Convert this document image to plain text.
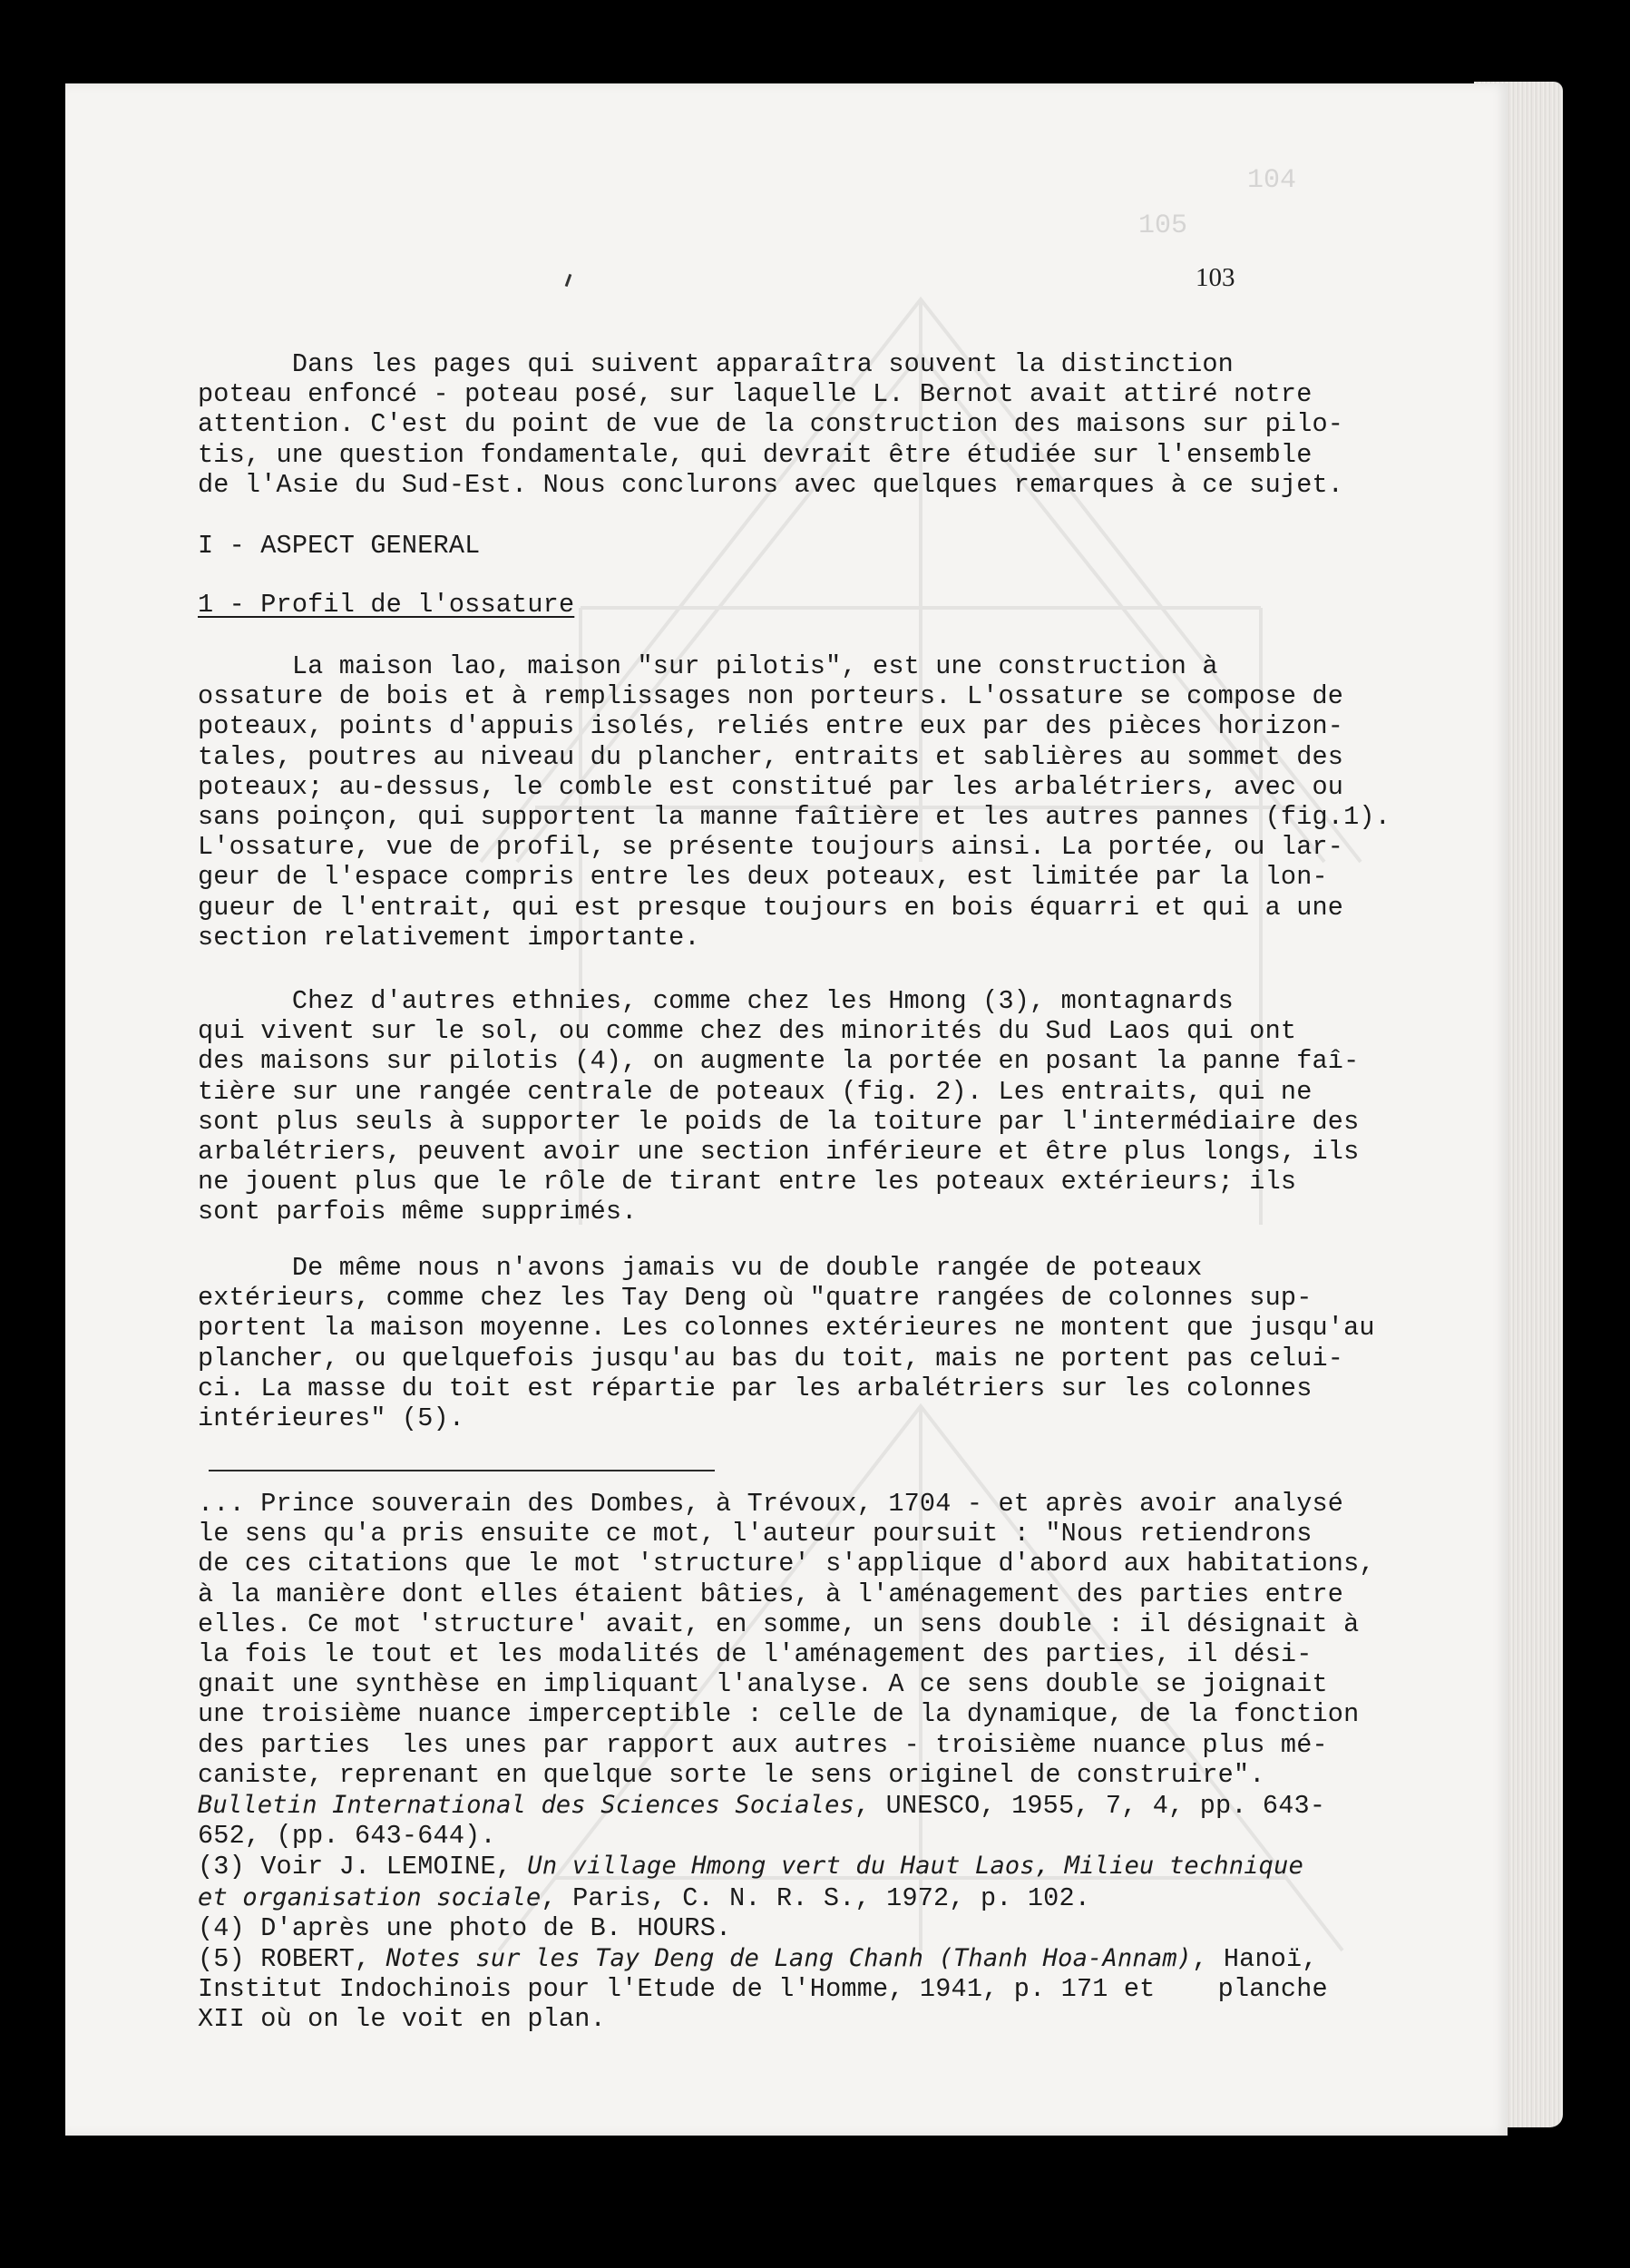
104
105
103
Dans les pages qui suivent apparaîtra souvent la distinction
poteau enfoncé - poteau posé, sur laquelle L. Bernot avait attiré notre
attention. C'est du point de vue de la construction des maisons sur pilo-
tis, une question fondamentale, qui devrait être étudiée sur l'ensemble
de l'Asie du Sud-Est. Nous conclurons avec quelques remarques à ce sujet.
I - ASPECT GENERAL
1 - Profil de l'ossature
La maison lao, maison "sur pilotis", est une construction à
ossature de bois et à remplissages non porteurs. L'ossature se compose de
poteaux, points d'appuis isolés, reliés entre eux par des pièces horizon-
tales, poutres au niveau du plancher, entraits et sablières au sommet des
poteaux; au-dessus, le comble est constitué par les arbalétriers, avec ou
sans poinçon, qui supportent la manne faîtière et les autres pannes (fig.1).
L'ossature, vue de profil, se présente toujours ainsi. La portée, ou lar-
geur de l'espace compris entre les deux poteaux, est limitée par la lon-
gueur de l'entrait, qui est presque toujours en bois équarri et qui a une
section relativement importante.
Chez d'autres ethnies, comme chez les Hmong (3), montagnards
qui vivent sur le sol, ou comme chez des minorités du Sud Laos qui ont
des maisons sur pilotis (4), on augmente la portée en posant la panne faî-
tière sur une rangée centrale de poteaux (fig. 2). Les entraits, qui ne
sont plus seuls à supporter le poids de la toiture par l'intermédiaire des
arbalétriers, peuvent avoir une section inférieure et être plus longs, ils
ne jouent plus que le rôle de tirant entre les poteaux extérieurs; ils
sont parfois même supprimés.
De même nous n'avons jamais vu de double rangée de poteaux
extérieurs, comme chez les Tay Deng où "quatre rangées de colonnes sup-
portent la maison moyenne. Les colonnes extérieures ne montent que jusqu'au
plancher, ou quelquefois jusqu'au bas du toit, mais ne portent pas celui-
ci. La masse du toit est répartie par les arbalétriers sur les colonnes
intérieures" (5).
... Prince souverain des Dombes, à Trévoux, 1704 - et après avoir analysé
le sens qu'a pris ensuite ce mot, l'auteur poursuit : "Nous retiendrons
de ces citations que le mot 'structure' s'applique d'abord aux habitations,
à la manière dont elles étaient bâties, à l'aménagement des parties entre
elles. Ce mot 'structure' avait, en somme, un sens double : il désignait
la fois le tout et les modalités de l'aménagement des parties, il dési-
gnait une synthèse en impliquant l'analyse. A ce sens double se joignait
une troisième nuance imperceptible : celle de la dynamique, de la fonction
des parties  les unes par rapport aux autres - troisième nuance plus mé-
caniste, reprenant en quelque sorte le sens originel de construire".
Bulletin International des Sciences Sociales, UNESCO, 1955, 7, 4, pp. 643-
652, (pp. 643-644).
(3) Voir J. LEMOINE, Un village Hmong vert du Haut Laos, Milieu technique
et organisation sociale, Paris, C. N. R. S., 1972, p. 102.
(4) D'après une photo de B. HOURS.
(5) ROBERT, Notes sur les Tay Deng de Lang Chanh (Thanh Hoa-Annam), Hanoï,
Institut Indochinois pour l'Etude de l'Homme, 1941, p. 171 et    planche
XII où on le voit en plan.
